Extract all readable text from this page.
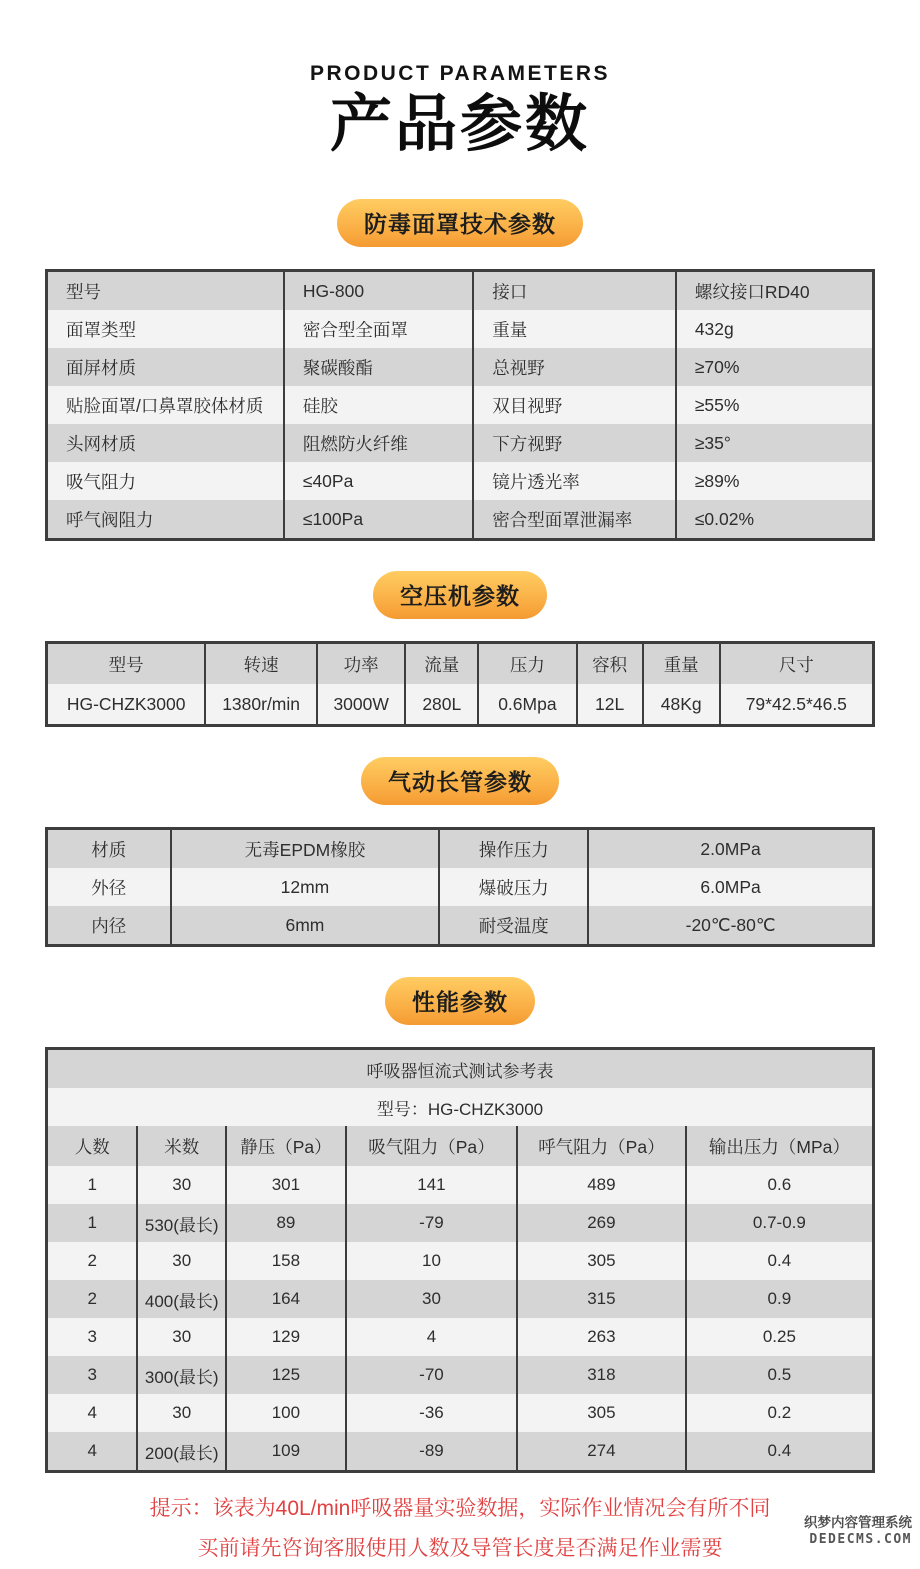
PRODUCT PARAMETERS
产品参数
防毒面罩技术参数
型号	HG-800	接口	螺纹接口RD40
面罩类型	密合型全面罩	重量	432g
面屏材质	聚碳酸酯	总视野	≥70%
贴脸面罩/口鼻罩胶体材质	硅胶	双目视野	≥55%
头网材质	阻燃防火纤维	下方视野	≥35°
吸气阻力	≤40Pa	镜片透光率	≥89%
呼气阀阻力	≤100Pa	密合型面罩泄漏率	≤0.02%
空压机参数
型号	转速	功率	流量	压力	容积	重量	尺寸
HG-CHZK3000	1380r/min	3000W	280L	0.6Mpa	12L	48Kg	79*42.5*46.5
气动长管参数
材质	无毒EPDM橡胶	操作压力	2.0MPa
外径	12mm	爆破压力	6.0MPa
内径	6mm	耐受温度	-20℃-80℃
性能参数
呼吸器恒流式测试参考表					
型号：HG-CHZK3000					
人数	米数	静压（Pa）	吸气阻力（Pa）	呼气阻力（Pa）	输出压力（MPa）
1	30	301	141	489	0.6
1	530(最长)	89	-79	269	0.7-0.9
2	30	158	10	305	0.4
2	400(最长)	164	30	315	0.9
3	30	129	4	263	0.25
3	300(最长)	125	-70	318	0.5
4	30	100	-36	305	0.2
4	200(最长)	109	-89	274	0.4
提示：该表为40L/min呼吸器量实验数据，实际作业情况会有所不同
买前请先咨询客服使用人数及导管长度是否满足作业需要
织梦内容管理系统
DEDECMS.COM
